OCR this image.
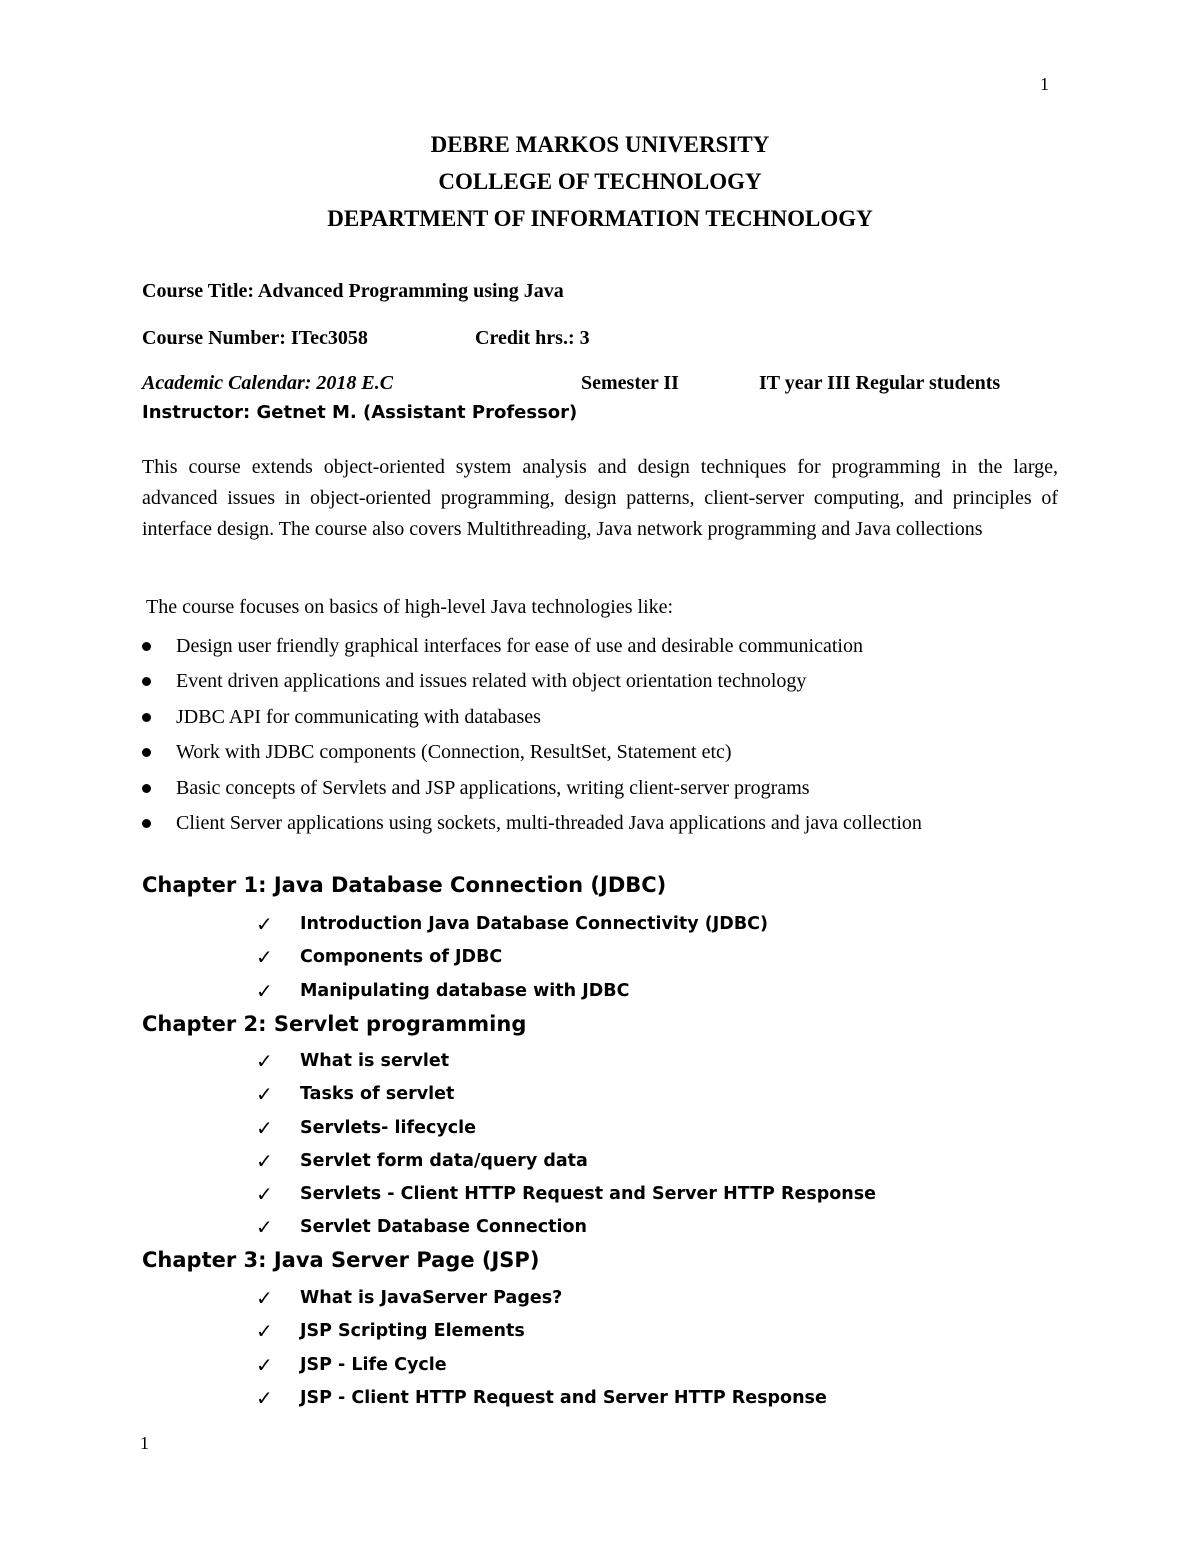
1
DEBRE MARKOS UNIVERSITY
COLLEGE OF TECHNOLOGY
DEPARTMENT OF INFORMATION TECHNOLOGY
Course Title: Advanced Programming using Java
Course Number: ITec3058	Credit hrs.: 3
Academic Calendar: 2018 E.C	Semester II	IT year III Regular students
Instructor: Getnet M. (Assistant Professor)
This course extends object-oriented system analysis and design techniques for programming in the large, advanced issues in object-oriented programming, design patterns, client-server computing, and principles of interface design. The course also covers Multithreading, Java network programming and Java collections
The course focuses on basics of high-level Java technologies like:
Design user friendly graphical interfaces for ease of use and desirable communication
Event driven applications and issues related with object orientation technology
JDBC API for communicating with databases
Work with JDBC components (Connection, ResultSet, Statement etc)
Basic concepts of Servlets and JSP applications, writing client-server programs
Client Server applications using sockets, multi-threaded Java applications and java collection
Chapter 1: Java Database Connection (JDBC)
✓ Introduction Java Database Connectivity (JDBC)
✓ Components of JDBC
✓ Manipulating database with JDBC
Chapter 2: Servlet programming
✓ What is servlet
✓ Tasks of servlet
✓ Servlets- lifecycle
✓ Servlet form data/query data
✓ Servlets - Client HTTP Request and Server HTTP Response
✓ Servlet Database Connection
Chapter 3: Java Server Page (JSP)
✓ What is JavaServer Pages?
✓ JSP Scripting Elements
✓ JSP - Life Cycle
✓ JSP - Client HTTP Request and Server HTTP Response
1
